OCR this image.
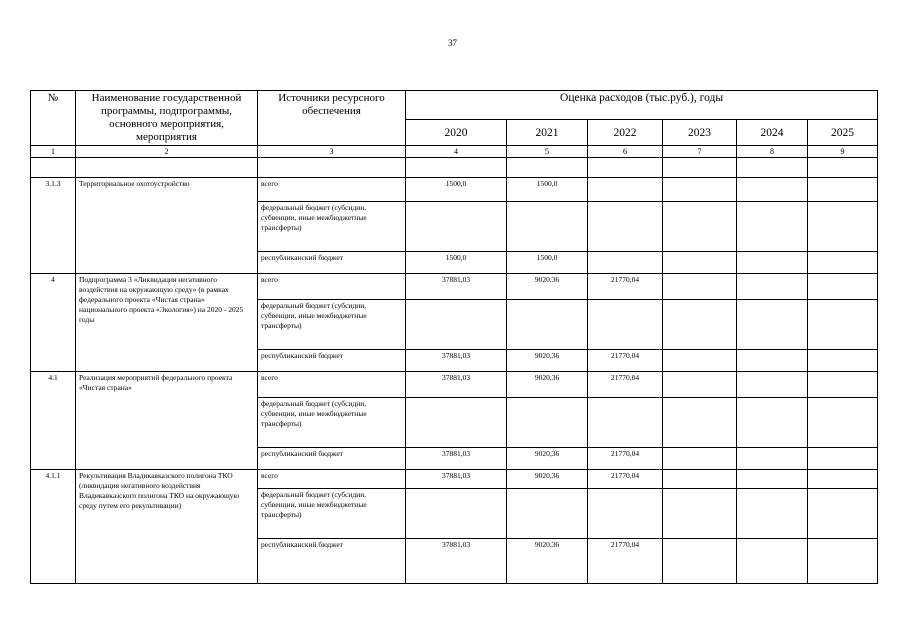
37
№	Наименование государственной программы, подпрограммы, основного мероприятия, мероприятия	Источники ресурсного обеспечения	Оценка расходов (тыс.руб.), годы					
			2020	2021	2022	2023	2024	2025
1	2	3	4	5	6	7	8	9

3.1.3	Территориальное охотоустройство	всего	1500,0	1500,0				
		федеральный бюджет (субсидии, субвенции, иные межбюджетные трансферты)						
		республиканский бюджет	1500,0	1500,0				
4	Подпрограмма 3 «Ликвидация негативного воздействия на окружающую среду» (в рамках федерального проекта «Чистая страна» национального проекта «Экология») на 2020 - 2025 годы	всего	37881,03	9020,36	21770,04			
		федеральный бюджет (субсидии, субвенции, иные межбюджетные трансферты)						
		республиканский бюджет	37881,03	9020,36	21770,04			
4.1	Реализация мероприятий федерального проекта «Чистая страна»	всего	37881,03	9020,36	21770,04			
		федеральный бюджет (субсидии, субвенции, иные межбюджетные трансферты)						
		республиканский бюджет	37881,03	9020,36	21770,04			
4.1.1	Рекультивация Владикавказского полигона ТКО (ликвидация негативного воздействия Владикавказского полигона ТКО на окружающую среду путем его рекультивации)	всего	37881,03	9020,36	21770,04			
		федеральный бюджет (субсидии, субвенции, иные межбюджетные трансферты)						
		республиканский бюджет	37881,03	9020,36	21770,04			
